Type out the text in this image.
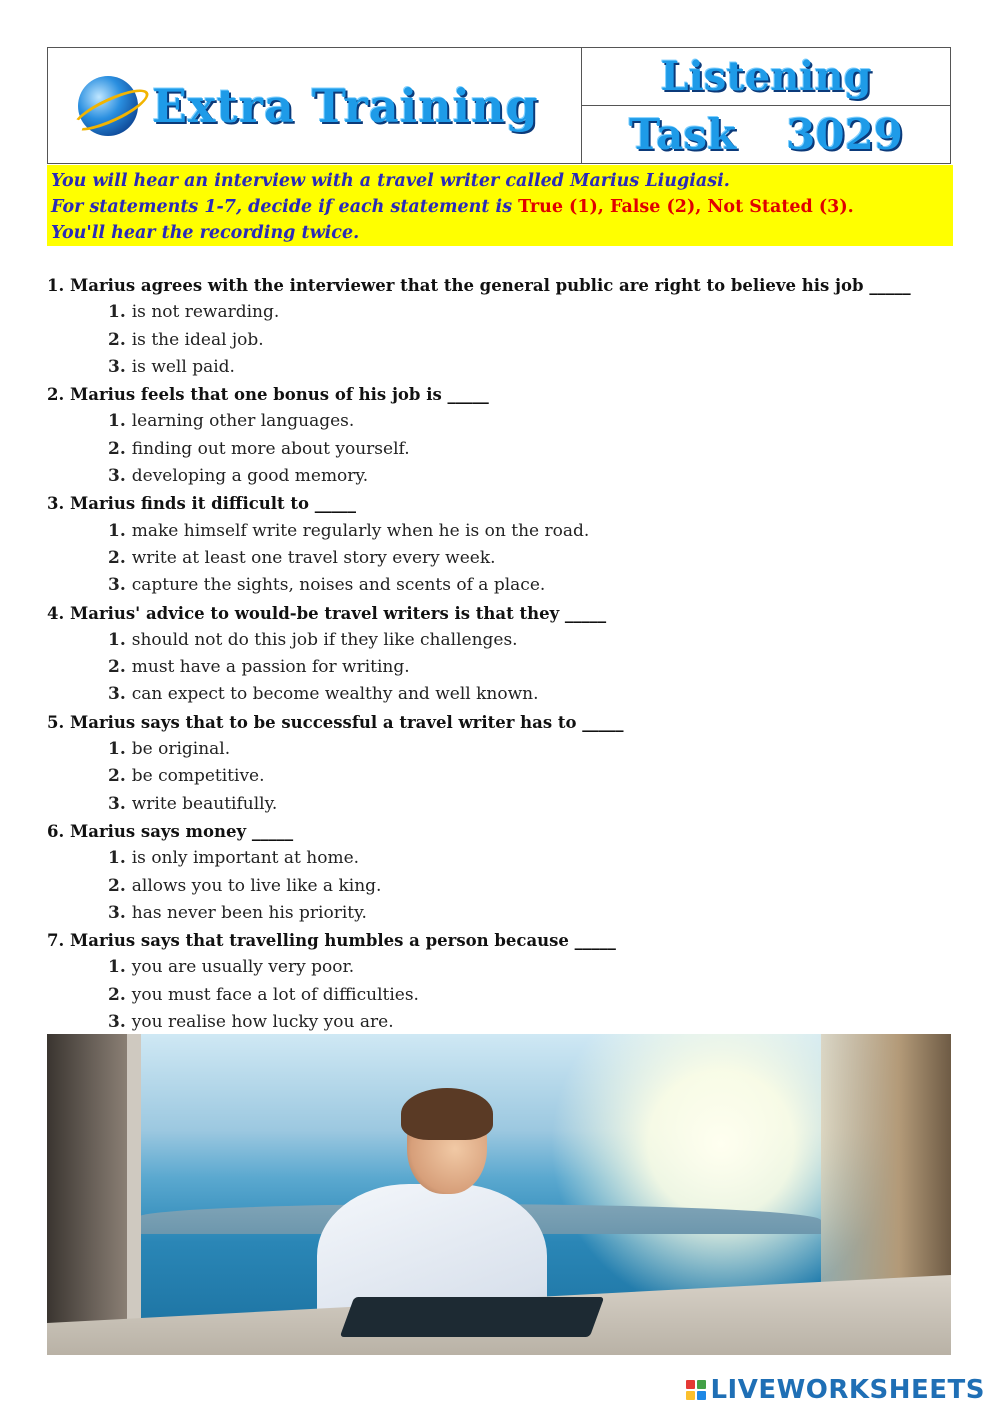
Extra Training
Listening
Task 3029
You will hear an interview with a travel writer called Marius Liugiasi.
For statements 1-7, decide if each statement is True (1), False (2), Not Stated (3).
You'll hear the recording twice.
1. Marius agrees with the interviewer that the general public are right to believe his job _____
1. is not rewarding.
2. is the ideal job.
3. is well paid.
2. Marius feels that one bonus of his job is _____
1. learning other languages.
2. finding out more about yourself.
3. developing a good memory.
3. Marius finds it difficult to _____
1. make himself write regularly when he is on the road.
2. write at least one travel story every week.
3. capture the sights, noises and scents of a place.
4. Marius' advice to would-be travel writers is that they _____
1. should not do this job if they like challenges.
2. must have a passion for writing.
3. can expect to become wealthy and well known.
5. Marius says that to be successful a travel writer has to _____
1. be original.
2. be competitive.
3. write beautifully.
6. Marius says money _____
1. is only important at home.
2. allows you to live like a king.
3. has never been his priority.
7. Marius says that travelling humbles a person because _____
1. you are usually very poor.
2. you must face a lot of difficulties.
3. you realise how lucky you are.
LIVEWORKSHEETS
